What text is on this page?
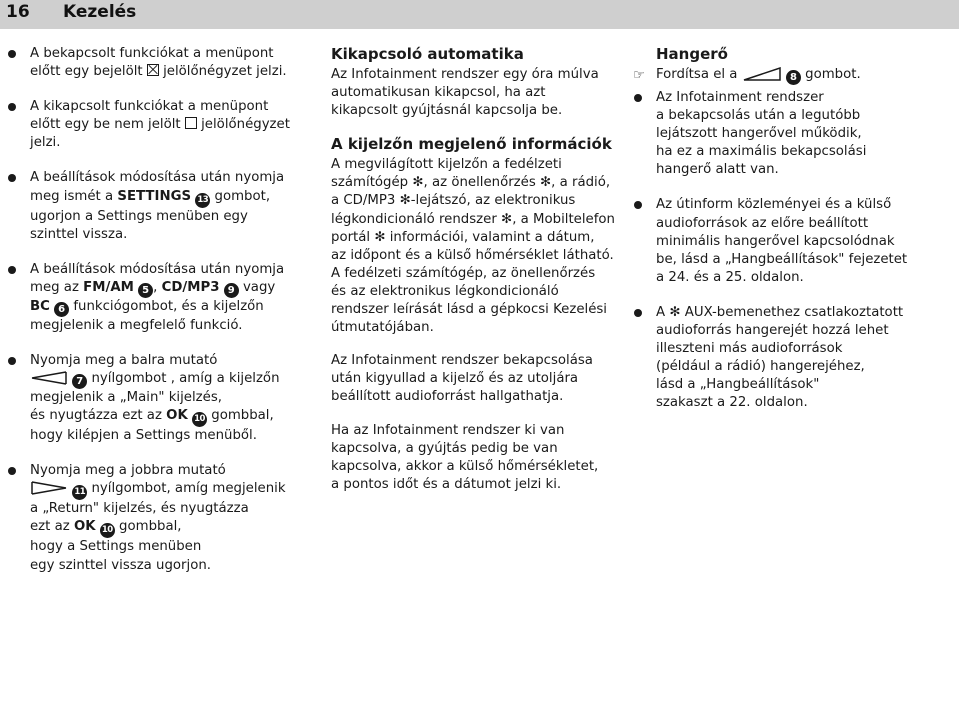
16 Kezelés
A bekapcsolt funkciókat a menüpont
előtt egy bejelölt jelölőnégyzet jelzi.
A kikapcsolt funkciókat a menüpont
előtt egy be nem jelölt jelölőnégyzet
jelzi.
A beállítások módosítása után nyomja
meg ismét a SETTINGS 13 gombot,
ugorjon a Settings menüben egy
szinttel vissza.
A beállítások módosítása után nyomja
meg az FM/AM 5 , CD/MP3 9 vagy
BC 6 funkciógombot, és a kijelzőn
megjelenik a megfelelő funkció.
Nyomja meg a balra mutató
7 nyílgombot , amíg a kijelzőn
megjelenik a „Main" kijelzés,
és nyugtázza ezt az OK 10 gombbal,
hogy kilépjen a Settings menüből.
Nyomja meg a jobbra mutató
11 nyílgombot, amíg megjelenik
a „Return" kijelzés, és nyugtázza
ezt az OK 10 gombbal,
hogy a Settings menüben
egy szinttel vissza ugorjon.
Kikapcsoló automatika
Az Infotainment rendszer egy óra múlva
automatikusan kikapcsol, ha azt
kikapcsolt gyújtásnál kapcsolja be.
A kijelzőn megjelenő információk
A megvilágított kijelzőn a fedélzeti
számítógép ✻, az önellenőrzés ✻, a rádió,
a CD/MP3 ✻-lejátszó, az elektronikus
légkondicionáló rendszer ✻, a Mobiltelefon
portál ✻ információi, valamint a dátum,
az időpont és a külső hőmérséklet látható.
A fedélzeti számítógép, az önellenőrzés
és az elektronikus légkondicionáló
rendszer leírását lásd a gépkocsi Kezelési
útmutatójában.
Az Infotainment rendszer bekapcsolása
után kigyullad a kijelző és az utoljára
beállított audioforrást hallgathatja.
Ha az Infotainment rendszer ki van
kapcsolva, a gyújtás pedig be van
kapcsolva, akkor a külső hőmérsékletet,
a pontos időt és a dátumot jelzi ki.
Hangerő
☞ Fordítsa el a	8 gombot.
Az Infotainment rendszer
a bekapcsolás után a legutóbb
lejátszott hangerővel működik,
ha ez a maximális bekapcsolási
hangerő alatt van.
Az útinform közleményei és a külső
audioforrások az előre beállított
minimális hangerővel kapcsolódnak
be, lásd a „Hangbeállítások" fejezetet
a 24. és a 25. oldalon.
A ✻ AUX-bemenethez csatlakoztatott
audioforrás hangerejét hozzá lehet
illeszteni más audioforrások
(például a rádió) hangerejéhez,
lásd a „Hangbeállítások"
szakaszt a 22. oldalon.
